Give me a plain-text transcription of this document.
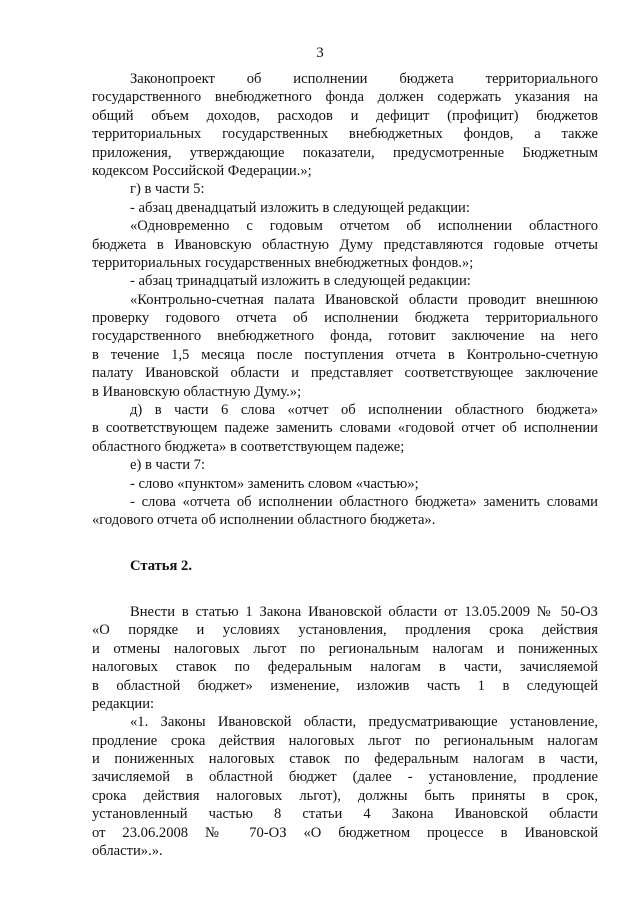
3
Законопроект об исполнении бюджета территориального
государственного внебюджетного фонда должен содержать указания на
общий объем доходов, расходов и дефицит (профицит) бюджетов
территориальных государственных внебюджетных фондов, а также
приложения, утверждающие показатели, предусмотренные Бюджетным
кодексом Российской Федерации.»;
г) в части 5:
- абзац двенадцатый изложить в следующей редакции:
«Одновременно с годовым отчетом об исполнении областного
бюджета в Ивановскую областную Думу представляются годовые отчеты
территориальных государственных внебюджетных фондов.»;
- абзац тринадцатый изложить в следующей редакции:
«Контрольно-счетная палата Ивановской области проводит внешнюю
проверку годового отчета об исполнении бюджета территориального
государственного внебюджетного фонда, готовит заключение на него
в течение 1,5 месяца после поступления отчета в Контрольно-счетную
палату Ивановской области и представляет соответствующее заключение
в Ивановскую областную Думу.»;
д) в части 6 слова «отчет об исполнении областного бюджета»
в соответствующем падеже заменить словами «годовой отчет об исполнении
областного бюджета» в соответствующем падеже;
е) в части 7:
- слово «пунктом» заменить словом «частью»;
- слова «отчета об исполнении областного бюджета» заменить словами
«годового отчета об исполнении областного бюджета».
Статья 2.
Внести в статью 1 Закона Ивановской области от 13.05.2009 № 50-ОЗ
«О порядке и условиях установления, продления срока действия
и отмены налоговых льгот по региональным налогам и пониженных
налоговых ставок по федеральным налогам в части, зачисляемой
в областной бюджет» изменение, изложив часть 1 в следующей
редакции:
«1. Законы Ивановской области, предусматривающие установление,
продление срока действия налоговых льгот по региональным налогам
и пониженных налоговых ставок по федеральным налогам в части,
зачисляемой в областной бюджет (далее - установление, продление
срока действия налоговых льгот), должны быть приняты в срок,
установленный частью 8 статьи 4 Закона Ивановской области
от 23.06.2008 № 70-ОЗ «О бюджетном процессе в Ивановской
области».».
